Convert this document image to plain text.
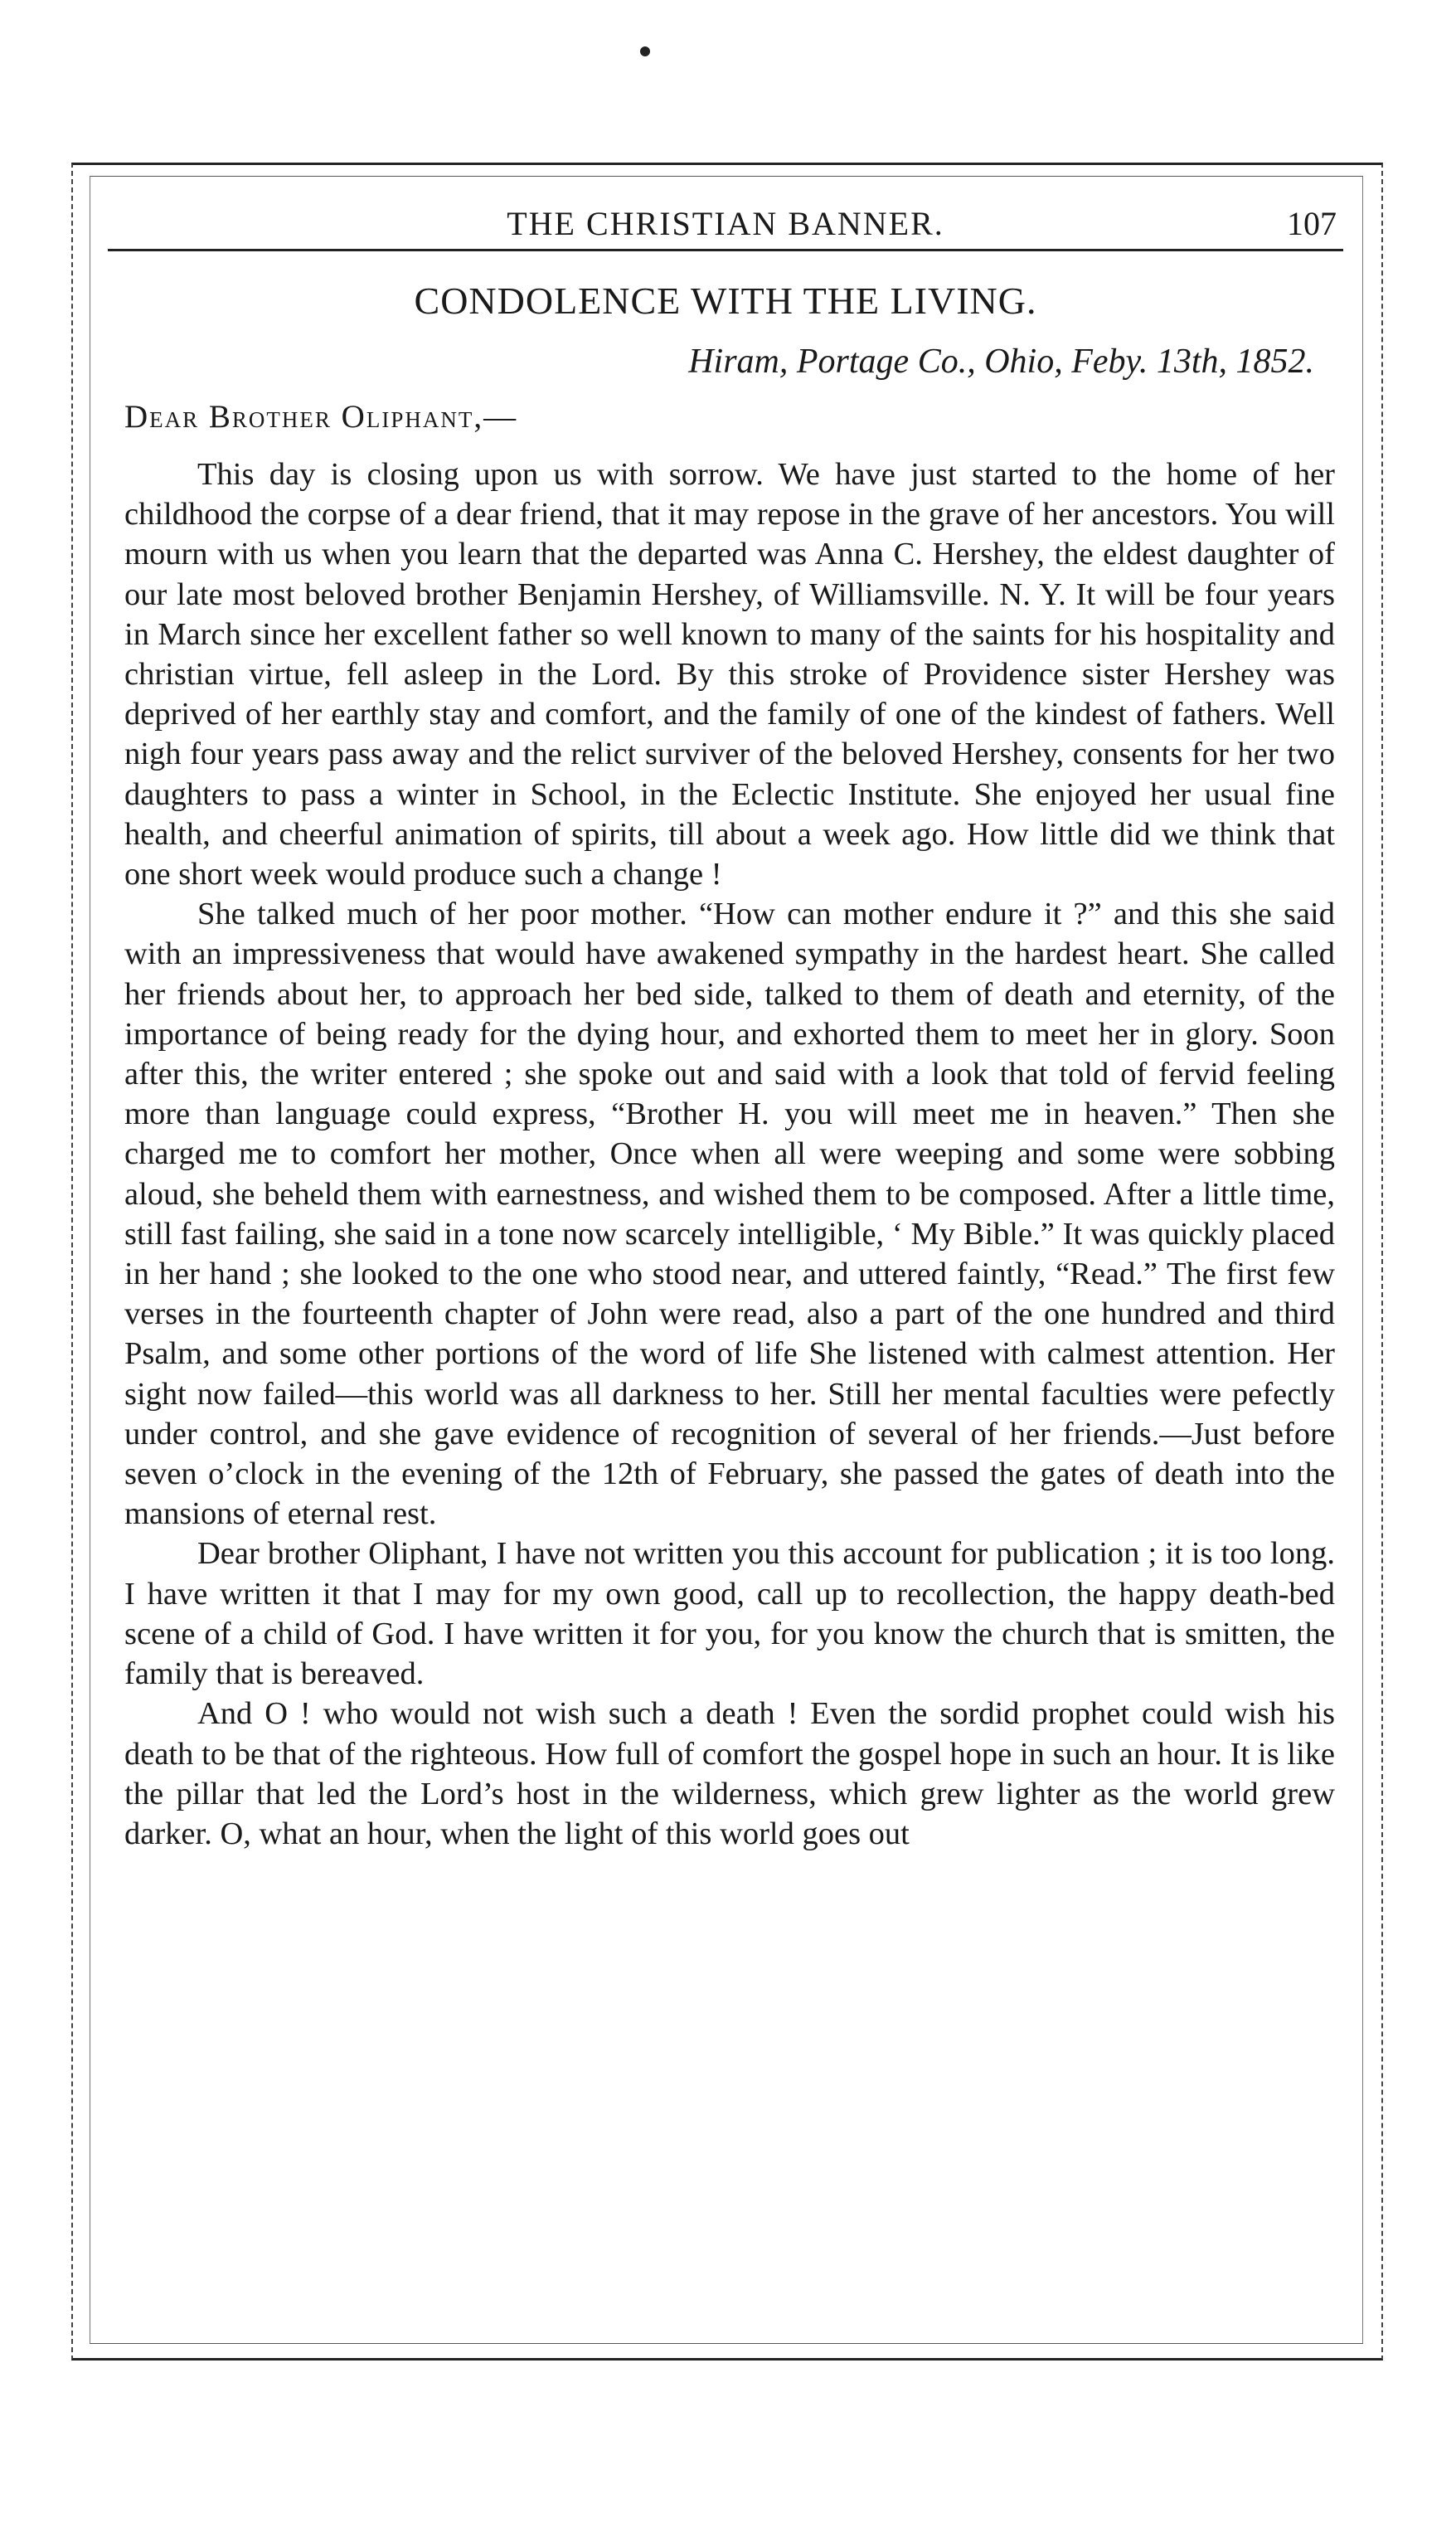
THE CHRISTIAN BANNER.	107
CONDOLENCE WITH THE LIVING.

Hiram, Portage Co., Ohio, Feby. 13th, 1852.

Dear Brother Oliphant,—

This day is closing upon us with sorrow. We have just started to the home of her childhood the corpse of a dear friend, that it may repose in the grave of her ancestors. You will mourn with us when you learn that the departed was Anna C. Hershey, the eldest daughter of our late most beloved brother Benjamin Hershey, of Williamsville. N. Y. It will be four years in March since her excellent father so well known to many of the saints for his hospitality and christian virtue, fell asleep in the Lord. By this stroke of Providence sister Hershey was deprived of her earthly stay and comfort, and the family of one of the kindest of fathers. Well nigh four years pass away and the relict surviver of the beloved Hershey, consents for her two daughters to pass a winter in School, in the Eclectic Institute. She enjoyed her usual fine health, and cheerful animation of spirits, till about a week ago. How little did we think that one short week would produce such a change !

She talked much of her poor mother. “How can mother endure it ?” and this she said with an impressiveness that would have awakened sympathy in the hardest heart. She called her friends about her, to approach her bed side, talked to them of death and eternity, of the importance of being ready for the dying hour, and exhorted them to meet her in glory. Soon after this, the writer entered ; she spoke out and said with a look that told of fervid feeling more than language could express, “Brother H. you will meet me in heaven.” Then she charged me to comfort her mother, Once when all were weeping and some were sobbing aloud, she beheld them with earnestness, and wished them to be composed. After a little time, still fast failing, she said in a tone now scarcely intelligible, ‘ My Bible.” It was quickly placed in her hand ; she looked to the one who stood near, and uttered faintly, “Read.” The first few verses in the fourteenth chapter of John were read, also a part of the one hundred and third Psalm, and some other portions of the word of life She listened with calmest attention. Her sight now failed—this world was all darkness to her. Still her mental faculties were pefectly under control, and she gave evidence of recognition of several of her friends.—Just before seven o’clock in the evening of the 12th of February, she passed the gates of death into the mansions of eternal rest.

Dear brother Oliphant, I have not written you this account for publication ; it is too long. I have written it that I may for my own good, call up to recollection, the happy death-bed scene of a child of God. I have written it for you, for you know the church that is smitten, the family that is bereaved.

And O ! who would not wish such a death ! Even the sordid prophet could wish his death to be that of the righteous. How full of comfort the gospel hope in such an hour. It is like the pillar that led the Lord’s host in the wilderness, which grew lighter as the world grew darker. O, what an hour, when the light of this world goes out
